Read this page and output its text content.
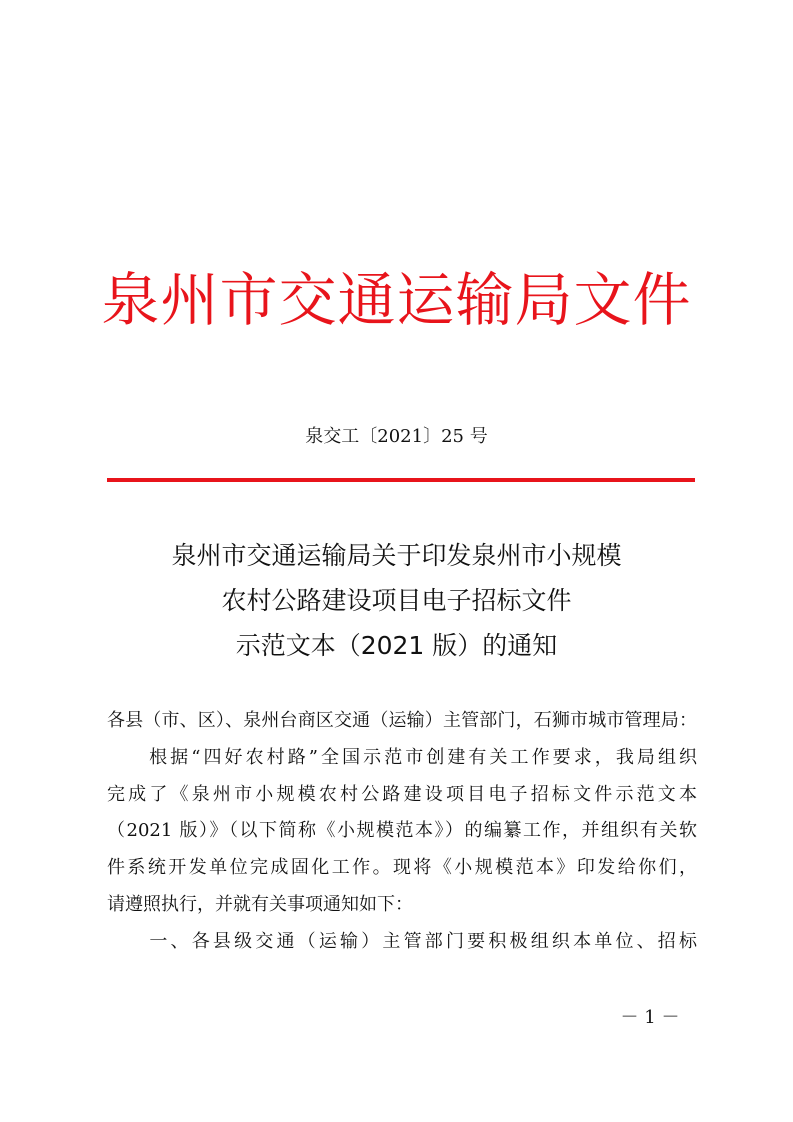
泉州市交通运输局文件
泉交工〔2021〕25 号
泉州市交通运输局关于印发泉州市小规模
农村公路建设项目电子招标文件
示范文本（2021 版）的通知
各县（市、区）、泉州台商区交通（运输）主管部门，石狮市城市管理局：
　　根据“四好农村路”全国示范市创建有关工作要求，我局组织
完成了《泉州市小规模农村公路建设项目电子招标文件示范文本
（2021 版）》（以下简称《小规模范本》）的编纂工作，并组织有关软
件系统开发单位完成固化工作。现将《小规模范本》印发给你们，
请遵照执行，并就有关事项通知如下：
　　一、各县级交通（运输）主管部门要积极组织本单位、招标
－ 1 －
